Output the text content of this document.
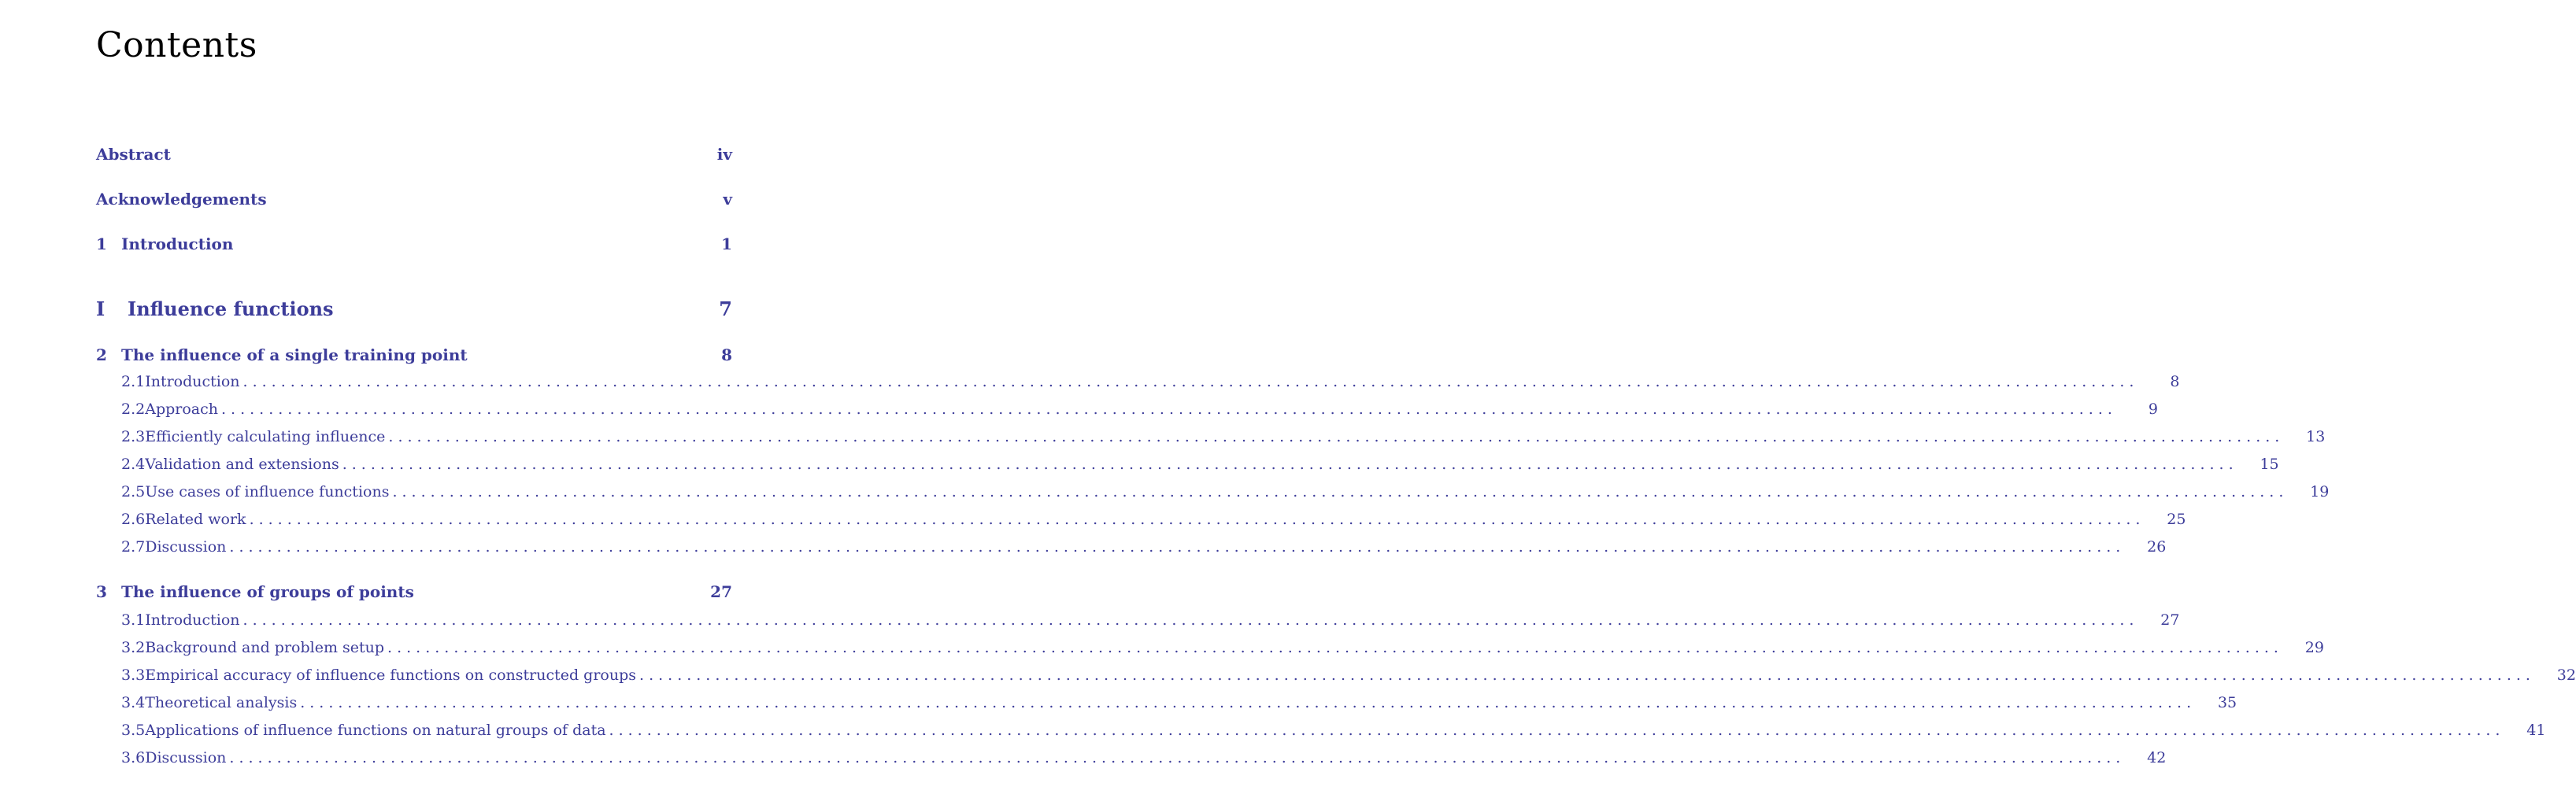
Contents
Abstract	iv
Acknowledgements	v
1 Introduction	1
I	Influence functions	7
2 The influence of a single training point	8
2.1 Introduction ........................................................................................................................................................................................................	8
2.2 Approach ........................................................................................................................................................................................................	9
2.3 Efficiently calculating influence ........................................................................................................................................................................................................	13
2.4 Validation and extensions ........................................................................................................................................................................................................	15
2.5 Use cases of influence functions ........................................................................................................................................................................................................	19
2.6 Related work ........................................................................................................................................................................................................	25
2.7 Discussion ........................................................................................................................................................................................................	26
3 The influence of groups of points	27
3.1 Introduction ........................................................................................................................................................................................................	27
3.2 Background and problem setup ........................................................................................................................................................................................................	29
3.3 Empirical accuracy of influence functions on constructed groups ........................................................................................................................................................................................................	32
3.4 Theoretical analysis ........................................................................................................................................................................................................	35
3.5 Applications of influence functions on natural groups of data ........................................................................................................................................................................................................	41
3.6 Discussion ........................................................................................................................................................................................................	42
